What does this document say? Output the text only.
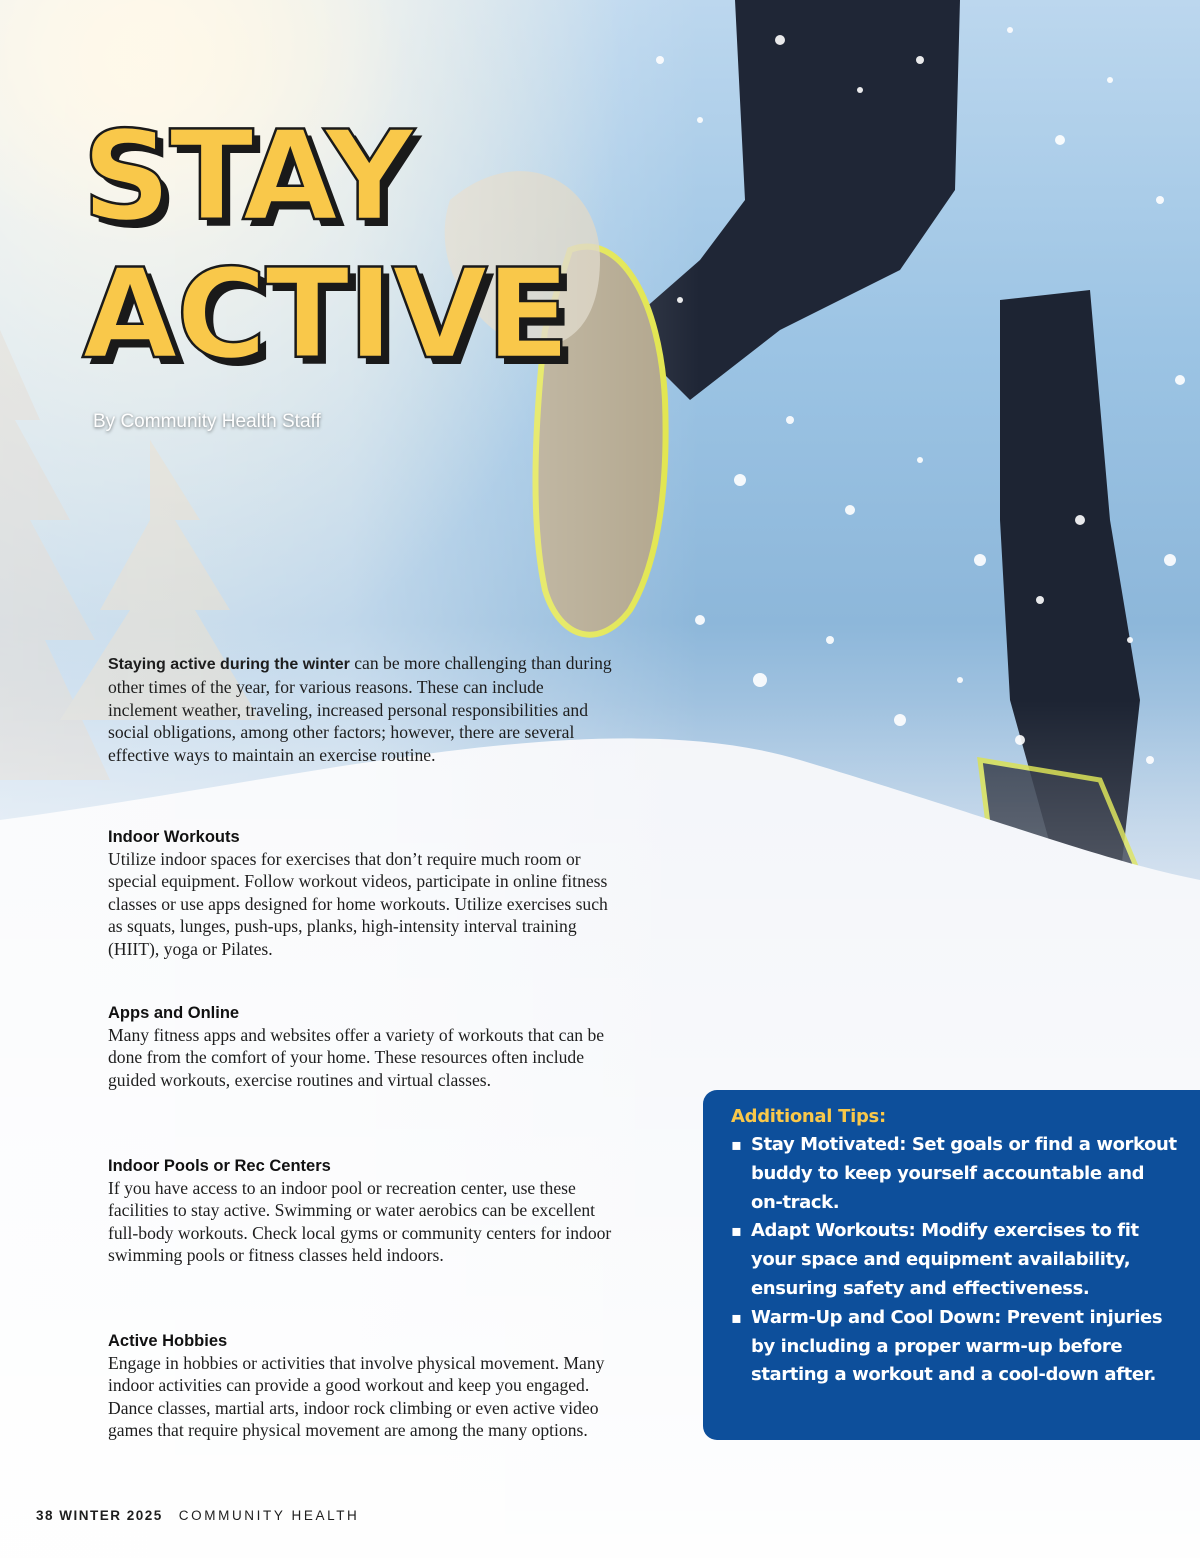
STAY
ACTIVE
By Community Health Staff

Staying active during the winter can be more challenging than during other times of the year, for various reasons. These can include inclement weather, traveling, increased personal responsibilities and social obligations, among other factors; however, there are several effective ways to maintain an exercise routine.

Indoor Workouts

Utilize indoor spaces for exercises that don’t require much room or special equipment. Follow workout videos, participate in online fitness classes or use apps designed for home workouts. Utilize exercises such as squats, lunges, push-ups, planks, high-intensity interval training (HIIT), yoga or Pilates.

Apps and Online

Many fitness apps and websites offer a variety of workouts that can be done from the comfort of your home. These resources often include guided workouts, exercise routines and virtual classes.

Indoor Pools or Rec Centers

If you have access to an indoor pool or recreation center, use these facilities to stay active. Swimming or water aerobics can be excellent full-body workouts. Check local gyms or community centers for indoor swimming pools or fitness classes held indoors.

Active Hobbies

Engage in hobbies or activities that involve physical movement. Many indoor activities can provide a good workout and keep you engaged. Dance classes, martial arts, indoor rock climbing or even active video games that require physical movement are among the many options.

Additional Tips:
▪ Stay Motivated: Set goals or find a workout buddy to keep yourself accountable and on-track.
▪ Adapt Workouts: Modify exercises to fit your space and equipment availability, ensuring safety and effectiveness.
▪ Warm-Up and Cool Down: Prevent injuries by including a proper warm-up before starting a workout and a cool-down after.
38 WINTER 2025 COMMUNITY HEALTH
